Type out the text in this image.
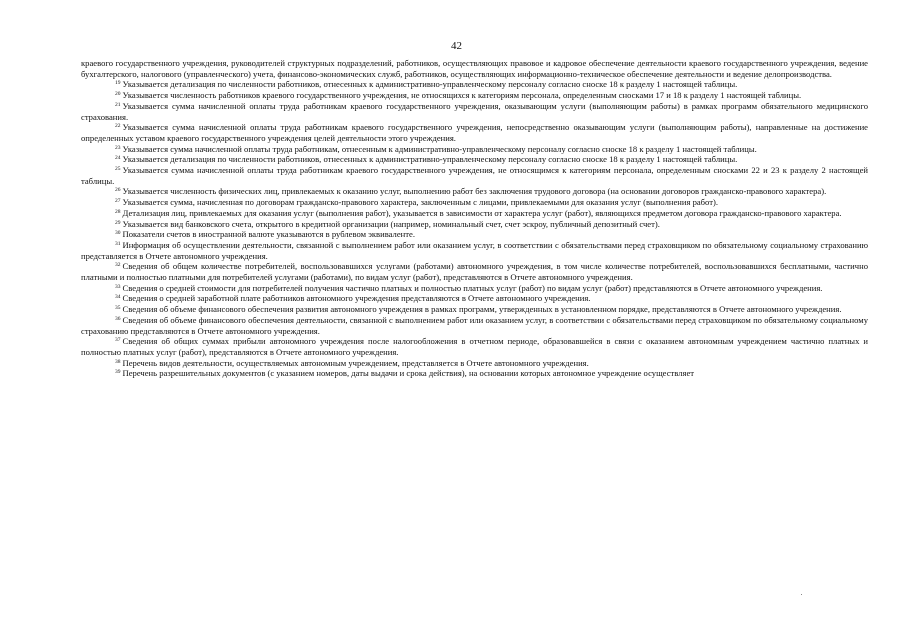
42

краевого государственного учреждения, руководителей структурных подразделений, работников, осуществляющих правовое и кадровое обеспечение деятельности краевого государственного учреждения, ведение бухгалтерского, налогового (управленческого) учета, финансово-экономических служб, работников, осуществляющих информационно-техническое обеспечение деятельности и ведение делопроизводства.

$^{19}$ Указывается детализация по численности работников, отнесенных к административно-управленческому персоналу согласно сноске 18 к разделу 1 настоящей таблицы.

$^{20}$ Указывается численность работников краевого государственного учреждения, не относящихся к категориям персонала, определенным сносками 17 и 18 к разделу 1 настоящей таблицы.

$^{21}$ Указывается сумма начисленной оплаты труда работникам краевого государственного учреждения, оказывающим услуги (выполняющим работы) в рамках программ обязательного медицинского страхования.

$^{22}$ Указывается сумма начисленной оплаты труда работникам краевого государственного учреждения, непосредственно оказывающим услуги (выполняющим работы), направленные на достижение определенных уставом краевого государственного учреждения целей деятельности этого учреждения.

$^{23}$ Указывается сумма начисленной оплаты труда работникам, отнесенным к административно-управленческому персоналу согласно сноске 18 к разделу 1 настоящей таблицы.

$^{24}$ Указывается детализация по численности работников, отнесенных к административно-управленческому персоналу согласно сноске 18 к разделу 1 настоящей таблицы.

$^{25}$ Указывается сумма начисленной оплаты труда работникам краевого государственного учреждения, не относящимся к категориям персонала, определенным сносками 22 и 23 к разделу 2 настоящей таблицы.

$^{26}$ Указывается численность физических лиц, привлекаемых к оказанию услуг, выполнению работ без заключения трудового договора (на основании договоров гражданско-правового характера).

$^{27}$ Указывается сумма, начисленная по договорам гражданско-правового характера, заключенным с лицами, привлекаемыми для оказания услуг (выполнения работ).

$^{28}$ Детализация лиц, привлекаемых для оказания услуг (выполнения работ), указывается в зависимости от характера услуг (работ), являющихся предметом договора гражданско-правового характера.

$^{29}$ Указывается вид банковского счета, открытого в кредитной организации (например, номинальный счет, счет эскроу, публичный депозитный счет).

$^{30}$ Показатели счетов в иностранной валюте указываются в рублевом эквиваленте.

$^{31}$ Информация об осуществлении деятельности, связанной с выполнением работ или оказанием услуг, в соответствии с обязательствами перед страховщиком по обязательному социальному страхованию представляется в Отчете автономного учреждения.

$^{32}$ Сведения об общем количестве потребителей, воспользовавшихся услугами (работами) автономного учреждения, в том числе количестве потребителей, воспользовавшихся бесплатными, частично платными и полностью платными для потребителей услугами (работами), по видам услуг (работ), представляются в Отчете автономного учреждения.

$^{33}$ Сведения о средней стоимости для потребителей получения частично платных и полностью платных услуг (работ) по видам услуг (работ) представляются в Отчете автономного учреждения.

$^{34}$ Сведения о средней заработной плате работников автономного учреждения представляются в Отчете автономного учреждения.

$^{35}$ Сведения об объеме финансового обеспечения развития автономного учреждения в рамках программ, утвержденных в установленном порядке, представляются в Отчете автономного учреждения.

$^{36}$ Сведения об объеме финансового обеспечения деятельности, связанной с выполнением работ или оказанием услуг, в соответствии с обязательствами перед страховщиком по обязательному социальному страхованию представляются в Отчете автономного учреждения.

$^{37}$ Сведения об общих суммах прибыли автономного учреждения после налогообложения в отчетном периоде, образовавшейся в связи с оказанием автономным учреждением частично платных и полностью платных услуг (работ), представляются в Отчете автономного учреждения.

$^{38}$ Перечень видов деятельности, осуществляемых автономным учреждением, представляется в Отчете автономного учреждения.

$^{39}$ Перечень разрешительных документов (с указанием номеров, даты выдачи и срока действия), на основании которых автономное учреждение осуществляет
